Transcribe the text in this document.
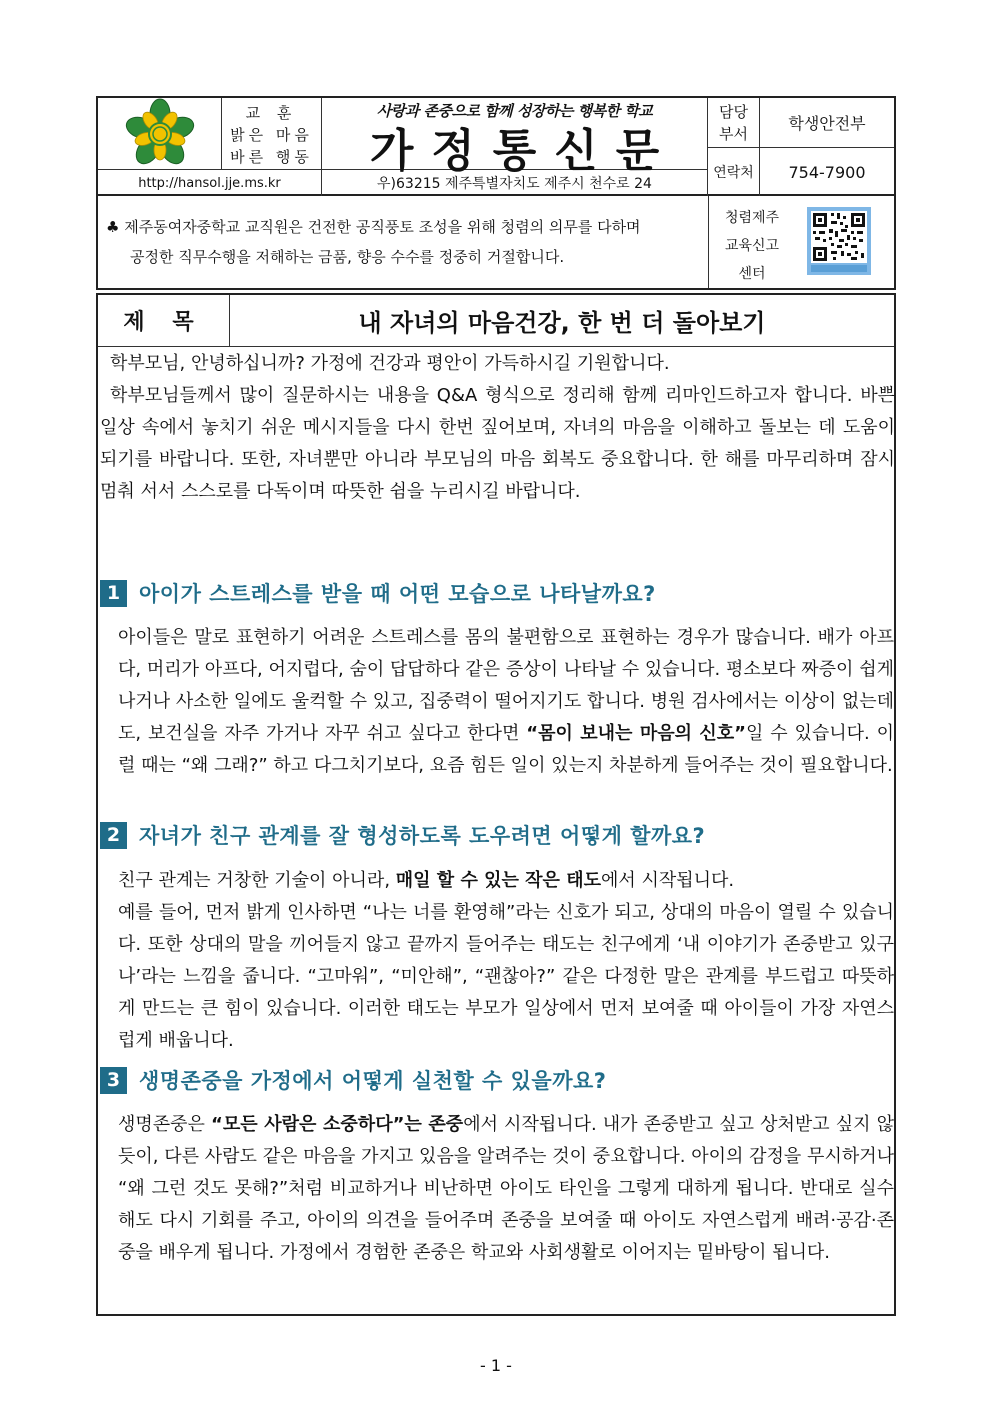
교 훈
밝은 마음
바른 행동
사랑과 존중으로 함께 성장하는 행복한 학교
가정통신문
http://hansol.jje.ms.kr	우)63215 제주특별자치도 제주시 천수로 24
담당부서
학생안전부
연락처 754-7900
♣ 제주동여자중학교 교직원은 건전한 공직풍토 조성을 위해 청렴의 의무를 다하며
공정한 직무수행을 저해하는 금품, 향응 수수를 정중히 거절합니다.
청렴제주
교육신고
센터
제 목	내 자녀의 마음건강, 한 번 더 돌아보기
학부모님, 안녕하십니까? 가정에 건강과 평안이 가득하시길 기원합니다.
학부모님들께서 많이 질문하시는 내용을 Q&A 형식으로 정리해 함께 리마인드하고자 합니다. 바쁜 일상 속에서 놓치기 쉬운 메시지들을 다시 한번 짚어보며, 자녀의 마음을 이해하고 돌보는 데 도움이 되기를 바랍니다. 또한, 자녀뿐만 아니라 부모님의 마음 회복도 중요합니다. 한 해를 마무리하며 잠시 멈춰 서서 스스로를 다독이며 따뜻한 쉼을 누리시길 바랍니다.
1 아이가 스트레스를 받을 때 어떤 모습으로 나타날까요?

아이들은 말로 표현하기 어려운 스트레스를 몸의 불편함으로 표현하는 경우가 많습니다. 배가 아프다, 머리가 아프다, 어지럽다, 숨이 답답하다 같은 증상이 나타날 수 있습니다. 평소보다 짜증이 쉽게 나거나 사소한 일에도 울컥할 수 있고, 집중력이 떨어지기도 합니다. 병원 검사에서는 이상이 없는데도, 보건실을 자주 가거나 자꾸 쉬고 싶다고 한다면 “몸이 보내는 마음의 신호”일 수 있습니다. 이럴 때는 “왜 그래?” 하고 다그치기보다, 요즘 힘든 일이 있는지 차분하게 들어주는 것이 필요합니다.

2 자녀가 친구 관계를 잘 형성하도록 도우려면 어떻게 할까요?

친구 관계는 거창한 기술이 아니라, 매일 할 수 있는 작은 태도에서 시작됩니다.

예를 들어, 먼저 밝게 인사하면 “나는 너를 환영해”라는 신호가 되고, 상대의 마음이 열릴 수 있습니다. 또한 상대의 말을 끼어들지 않고 끝까지 들어주는 태도는 친구에게 ‘내 이야기가 존중받고 있구나’라는 느낌을 줍니다. “고마워”, “미안해”, “괜찮아?” 같은 다정한 말은 관계를 부드럽고 따뜻하게 만드는 큰 힘이 있습니다. 이러한 태도는 부모가 일상에서 먼저 보여줄 때 아이들이 가장 자연스럽게 배웁니다.

3 생명존중을 가정에서 어떻게 실천할 수 있을까요?

생명존중은 “모든 사람은 소중하다”는 존중에서 시작됩니다. 내가 존중받고 싶고 상처받고 싶지 않듯이, 다른 사람도 같은 마음을 가지고 있음을 알려주는 것이 중요합니다. 아이의 감정을 무시하거나 “왜 그런 것도 못해?”처럼 비교하거나 비난하면 아이도 타인을 그렇게 대하게 됩니다. 반대로 실수해도 다시 기회를 주고, 아이의 의견을 들어주며 존중을 보여줄 때 아이도 자연스럽게 배려·공감·존중을 배우게 됩니다. 가정에서 경험한 존중은 학교와 사회생활로 이어지는 밑바탕이 됩니다.

- 1 -
